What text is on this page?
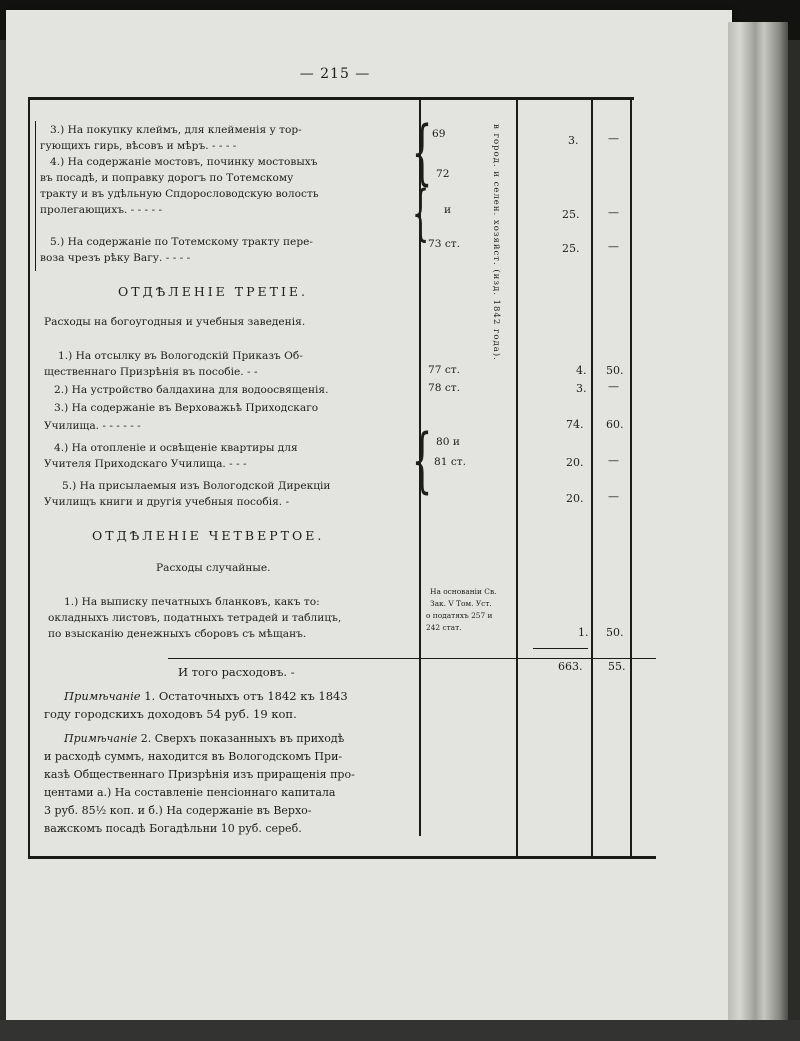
— 215 —
3.) На покупку клеймъ, для клейменія у тор-
гующихъ гирь, вѣсовъ и мѣръ. - - - -
4.) На содержаніе мостовъ, починку мостовыхъ
въ посадѣ, и поправку дорогъ по Тотемскому
тракту и въ удѣльную Спдорословодскую волость
пролегающихъ. - - - - -
5.) На содержаніе по Тотемскому тракту пере-
воза чрезъ рѣку Вагу. - - - -
ОТДѢЛЕНІЕ ТРЕТІЕ.
Расходы на богоугодныя и учебныя заведенія.
1.) На отсылку въ Вологодскій Приказъ Об-
щественнаго Призрѣнія въ пособіе. - -
2.) На устройство балдахина для водоосвященія.
3.) На содержаніе въ Верховажьѣ Приходскаго
Училища. - - - - - -
4.) На отопленіе и освѣщеніе квартиры для
Учителя Приходскаго Училища. - - -
5.) На присылаемыя изъ Вологодской Дирекціи
Училищъ книги и другія учебныя пособія. -
ОТДѢЛЕНІЕ ЧЕТВЕРТОЕ.
Расходы случайные.
1.) На выписку печатныхъ бланковъ, какъ то:
окладныхъ листовъ, податныхъ тетрадей и таблицъ,
по взысканію денежныхъ сборовъ съ мѣщанъ.
И того расходовъ. -
Примѣчаніе 1. Остаточныхъ отъ 1842 къ 1843
году городскихъ доходовъ 54 руб. 19 коп.
Примѣчаніе 2. Сверхъ показанныхъ въ приходѣ
и расходѣ суммъ, находится въ Вологодскомъ При-
казѣ Общественнаго Призрѣнія изъ приращенія про-
центами а.) На составленіе пенсіоннаго капитала
3 руб. 85½ коп. и б.) На содержаніе въ Верхо-
важскомъ посадѣ Богадѣльни 10 руб. сереб.
{
{
{
69
72
и
73 ст.
77 ст.
78 ст.
80 и
81 ст.
в город. и селен. хозяйст. (изд. 1842 года).
На основаніи Св.
Зак. V Том. Уст.
о податяхъ 257 и
242 стат.
3.
25.
25.
4.
3.
74.
20.
20.
1.
663.
—
—
—
50.
—
60.
—
—
50.
55.
